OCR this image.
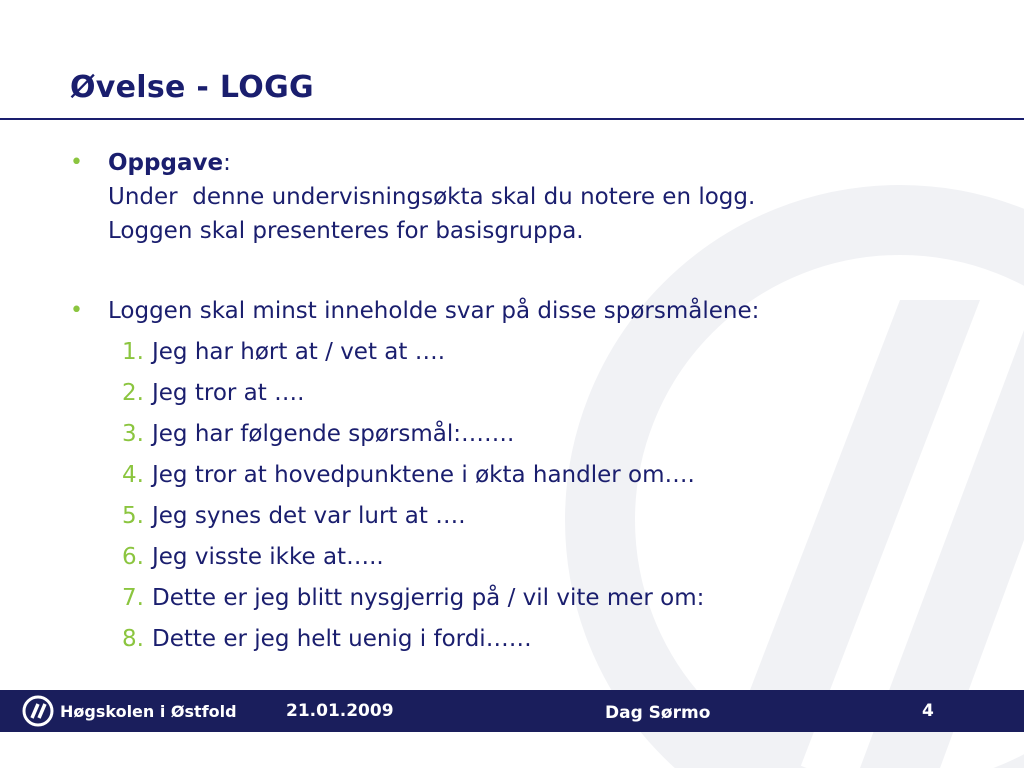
Øvelse - LOGG
• Oppgave:
Under  denne undervisningsøkta skal du notere en logg.
Loggen skal presenteres for basisgruppa.
• Loggen skal minst inneholde svar på disse spørsmålene:
1. Jeg har hørt at / vet at ….
2. Jeg tror at ….
3. Jeg har følgende spørsmål:…….
4. Jeg tror at hovedpunktene i økta handler om….
5. Jeg synes det var lurt at ….
6. Jeg visste ikke at…..
7. Dette er jeg blitt nysgjerrig på / vil vite mer om:
8. Dette er jeg helt uenig i fordi……
Høgskolen i Østfold	21.01.2009	Dag Sørmo	4
